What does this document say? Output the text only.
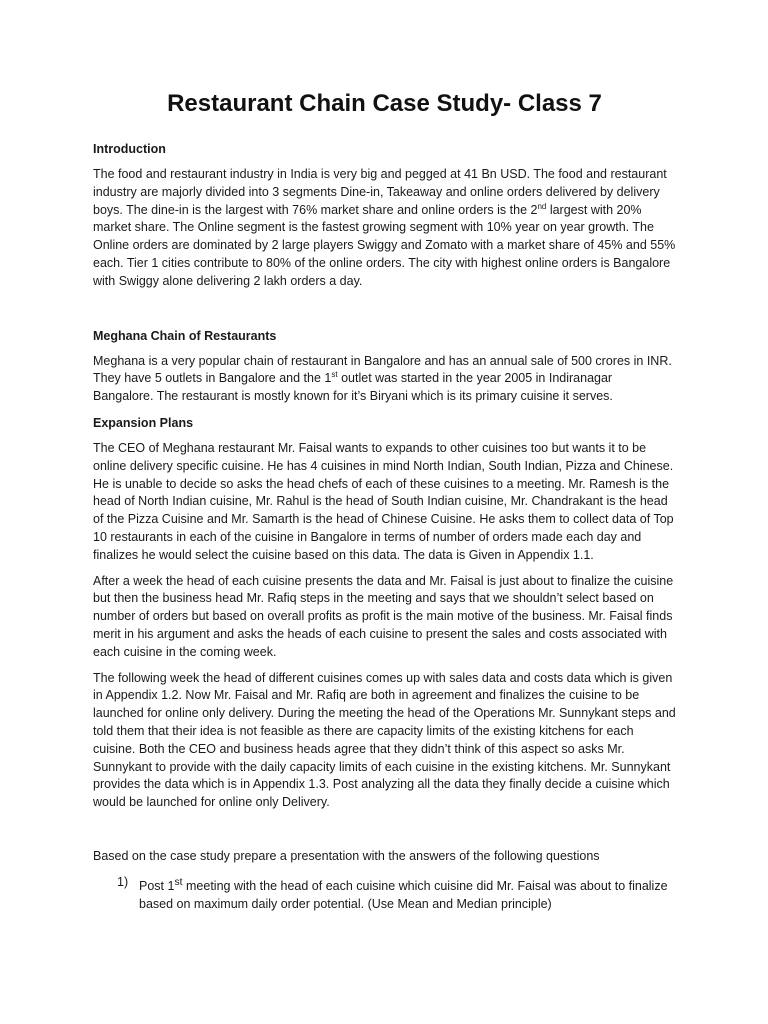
Restaurant Chain Case Study- Class 7
Introduction

The food and restaurant industry in India is very big and pegged at 41 Bn USD. The food and restaurant industry are majorly divided into 3 segments Dine-in, Takeaway and online orders delivered by delivery boys. The dine-in is the largest with 76% market share and online orders is the 2nd largest with 20% market share. The Online segment is the fastest growing segment with 10% year on year growth. The Online orders are dominated by 2 large players Swiggy and Zomato with a market share of 45% and 55% each. Tier 1 cities contribute to 80% of the online orders. The city with highest online orders is Bangalore with Swiggy alone delivering 2 lakh orders a day.

Meghana Chain of Restaurants

Meghana is a very popular chain of restaurant in Bangalore and has an annual sale of 500 crores in INR. They have 5 outlets in Bangalore and the 1st outlet was started in the year 2005 in Indiranagar Bangalore. The restaurant is mostly known for it’s Biryani which is its primary cuisine it serves.

Expansion Plans

The CEO of Meghana restaurant Mr. Faisal wants to expands to other cuisines too but wants it to be online delivery specific cuisine. He has 4 cuisines in mind North Indian, South Indian, Pizza and Chinese. He is unable to decide so asks the head chefs of each of these cuisines to a meeting. Mr. Ramesh is the head of North Indian cuisine, Mr. Rahul is the head of South Indian cuisine, Mr. Chandrakant is the head of the Pizza Cuisine and Mr. Samarth is the head of Chinese Cuisine. He asks them to collect data of Top 10 restaurants in each of the cuisine in Bangalore in terms of number of orders made each day and finalizes he would select the cuisine based on this data. The data is Given in Appendix 1.1.

After a week the head of each cuisine presents the data and Mr. Faisal is just about to finalize the cuisine but then the business head Mr. Rafiq steps in the meeting and says that we shouldn’t select based on number of orders but based on overall profits as profit is the main motive of the business. Mr. Faisal finds merit in his argument and asks the heads of each cuisine to present the sales and costs associated with each cuisine in the coming week.

The following week the head of different cuisines comes up with sales data and costs data which is given in Appendix 1.2. Now Mr. Faisal and Mr. Rafiq are both in agreement and finalizes the cuisine to be launched for online only delivery. During the meeting the head of the Operations Mr. Sunnykant steps and told them that their idea is not feasible as there are capacity limits of the existing kitchens for each cuisine. Both the CEO and business heads agree that they didn’t think of this aspect so asks Mr. Sunnykant to provide with the daily capacity limits of each cuisine in the existing kitchens. Mr. Sunnykant provides the data which is in Appendix 1.3. Post analyzing all the data they finally decide a cuisine which would be launched for online only Delivery.

Based on the case study prepare a presentation with the answers of the following questions

1) Post 1st meeting with the head of each cuisine which cuisine did Mr. Faisal was about to finalize based on maximum daily order potential. (Use Mean and Median principle)
